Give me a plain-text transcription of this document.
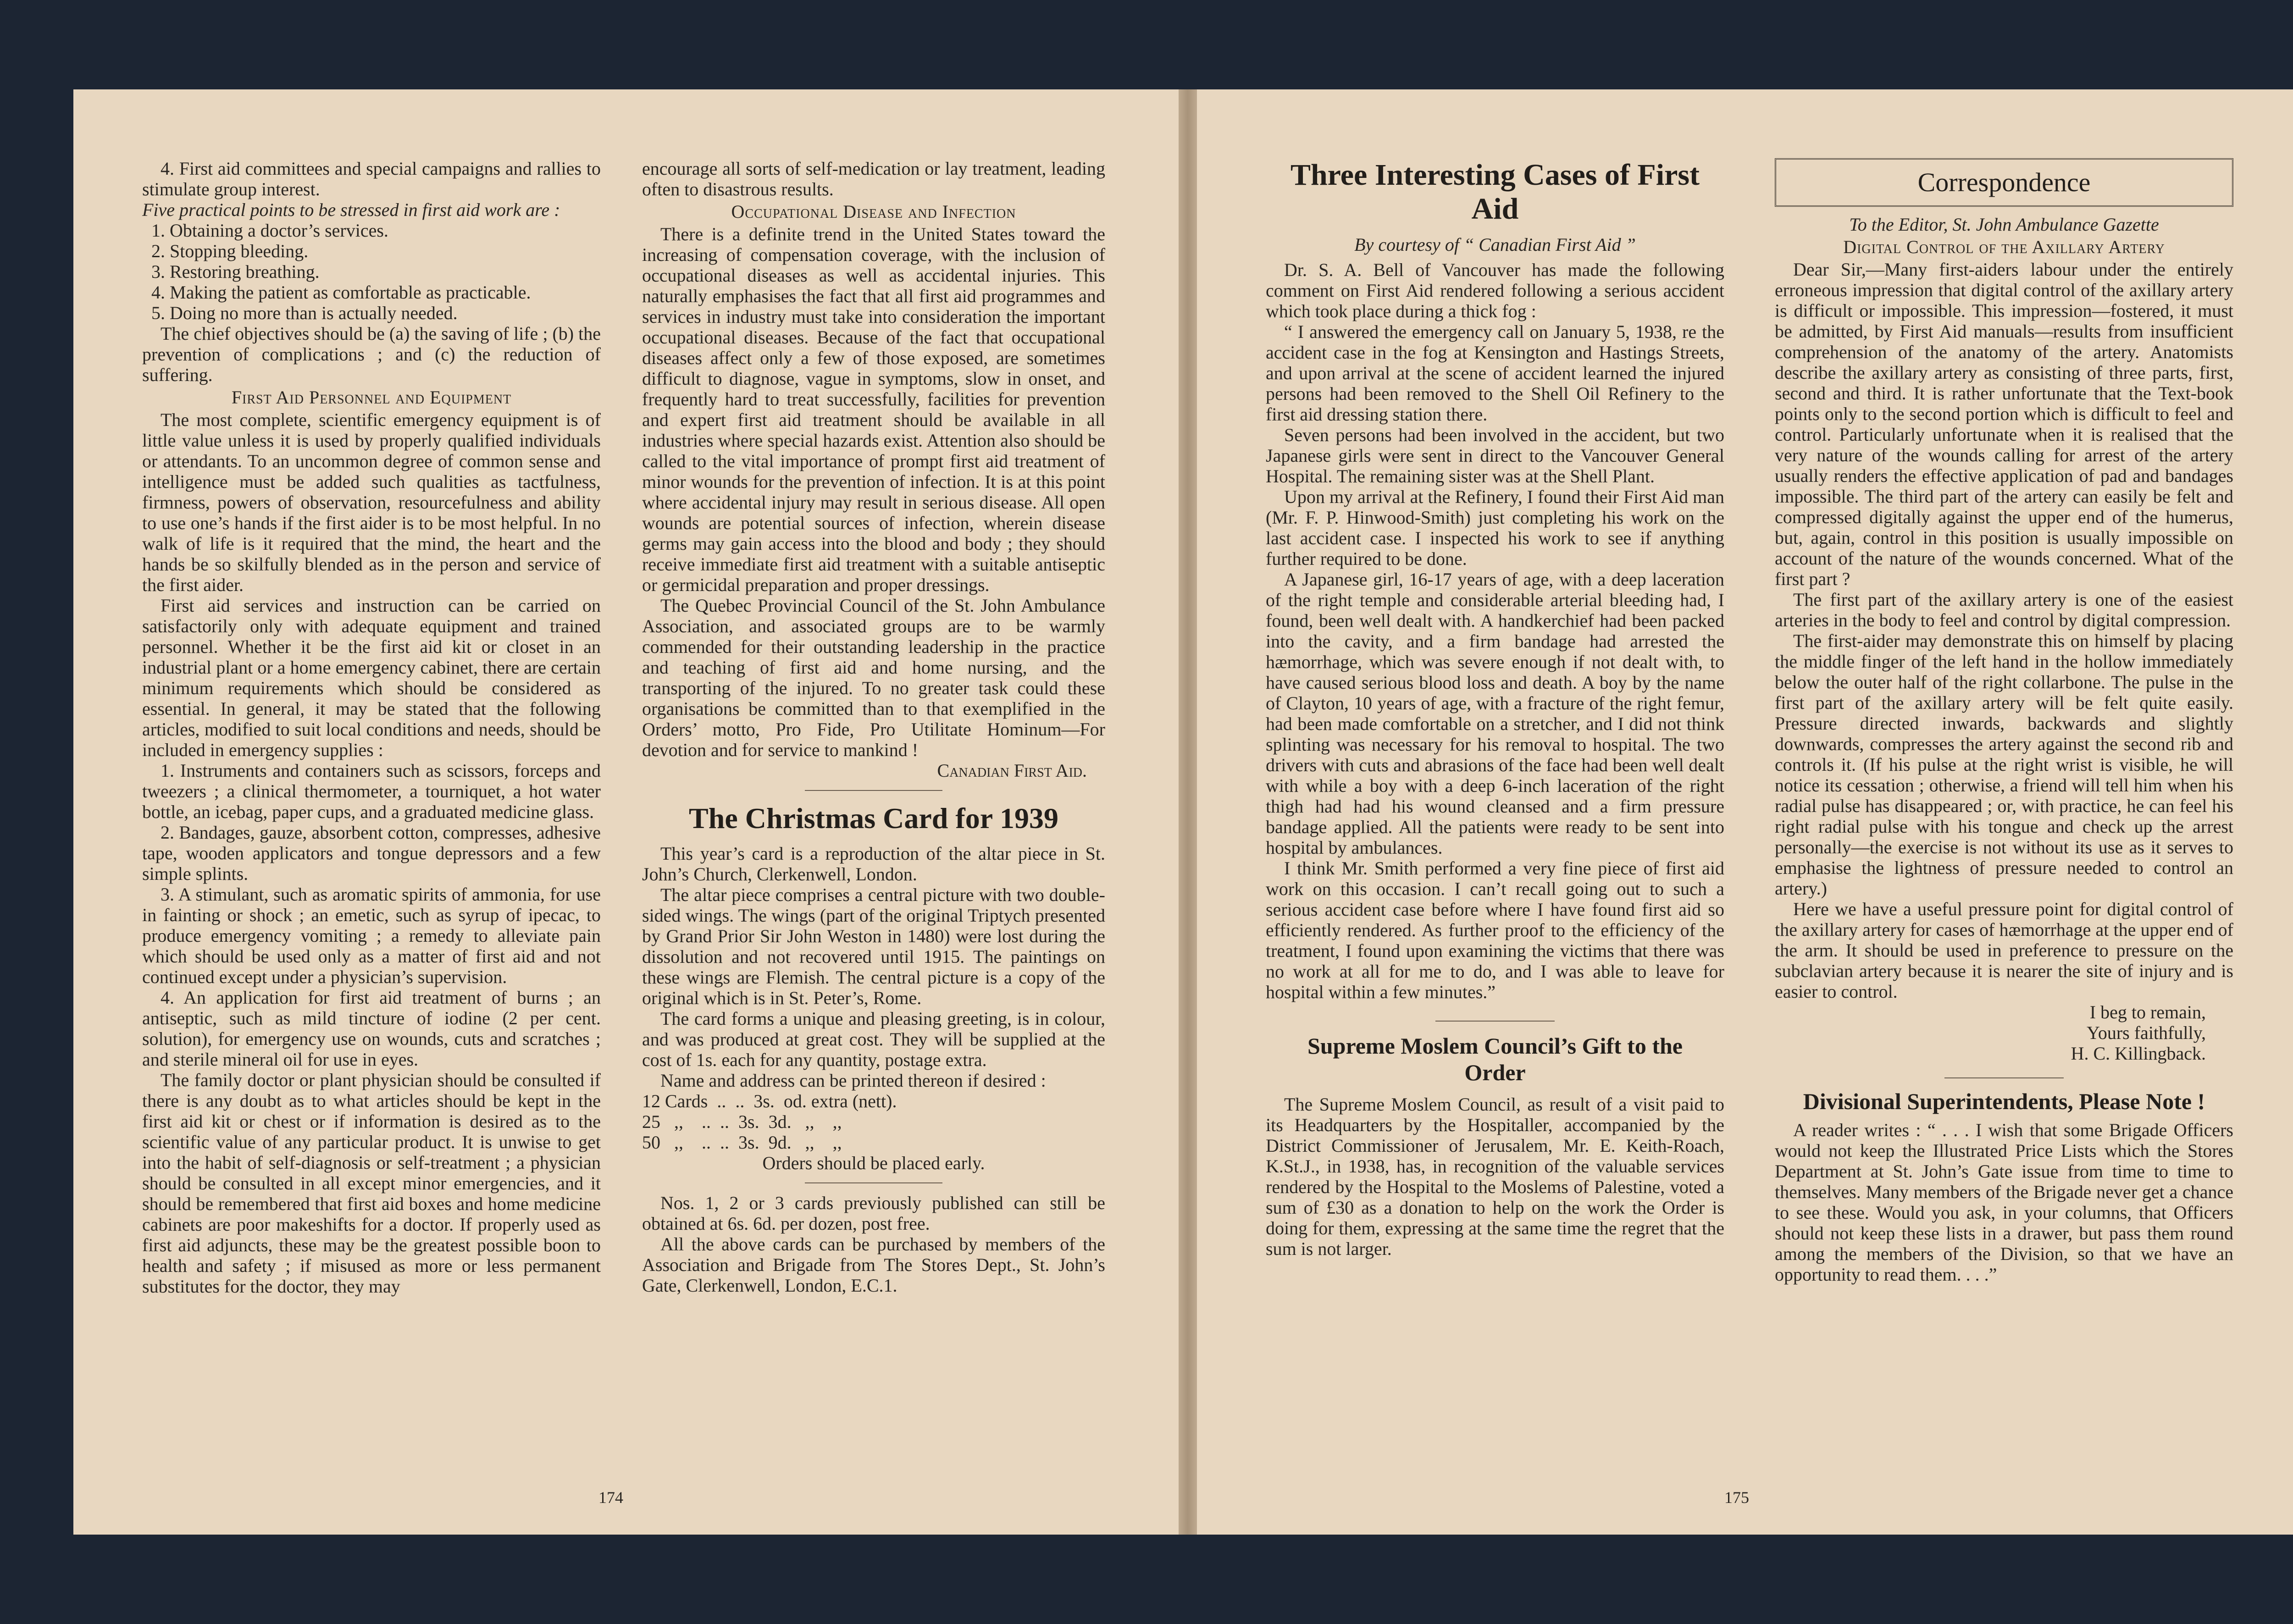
4. First aid committees and special campaigns and rallies to stimulate group interest.

Five practical points to be stressed in first aid work are :

1. Obtaining a doctor’s services.

2. Stopping bleeding.

3. Restoring breathing.

4. Making the patient as comfortable as practicable.

5. Doing no more than is actually needed.

The chief objectives should be (a) the saving of life ; (b) the prevention of complications ; and (c) the reduction of suffering.

First Aid Personnel and Equipment

The most complete, scientific emergency equipment is of little value unless it is used by properly qualified individuals or attendants. To an uncommon degree of common sense and intelligence must be added such qualities as tactfulness, firmness, powers of observation, resourcefulness and ability to use one’s hands if the first aider is to be most helpful. In no walk of life is it required that the mind, the heart and the hands be so skilfully blended as in the person and service of the first aider.

First aid services and instruction can be carried on satisfactorily only with adequate equipment and trained personnel. Whether it be the first aid kit or closet in an industrial plant or a home emergency cabinet, there are certain minimum requirements which should be considered as essential. In general, it may be stated that the following articles, modified to suit local conditions and needs, should be included in emergency supplies :

1. Instruments and containers such as scissors, forceps and tweezers ; a clinical thermometer, a tourniquet, a hot water bottle, an icebag, paper cups, and a graduated medicine glass.

2. Bandages, gauze, absorbent cotton, compresses, adhesive tape, wooden applicators and tongue depressors and a few simple splints.

3. A stimulant, such as aromatic spirits of ammonia, for use in fainting or shock ; an emetic, such as syrup of ipecac, to produce emergency vomiting ; a remedy to alleviate pain which should be used only as a matter of first aid and not continued except under a physician’s supervision.

4. An application for first aid treatment of burns ; an antiseptic, such as mild tincture of iodine (2 per cent. solution), for emergency use on wounds, cuts and scratches ; and sterile mineral oil for use in eyes.

The family doctor or plant physician should be consulted if there is any doubt as to what articles should be kept in the first aid kit or chest or if information is desired as to the scientific value of any particular product. It is unwise to get into the habit of self-diagnosis or self-treatment ; a physician should be consulted in all except minor emergencies, and it should be remembered that first aid boxes and home medicine cabinets are poor makeshifts for a doctor. If properly used as first aid adjuncts, these may be the greatest possible boon to health and safety ; if misused as more or less permanent substitutes for the doctor, they may

encourage all sorts of self-medication or lay treatment, leading often to disastrous results.

Occupational Disease and Infection

There is a definite trend in the United States toward the increasing of compensation coverage, with the inclusion of occupational diseases as well as accidental injuries. This naturally emphasises the fact that all first aid programmes and services in industry must take into consideration the important occupational diseases. Because of the fact that occupational diseases affect only a few of those exposed, are sometimes difficult to diagnose, vague in symptoms, slow in onset, and frequently hard to treat successfully, facilities for prevention and expert first aid treatment should be available in all industries where special hazards exist. Attention also should be called to the vital importance of prompt first aid treatment of minor wounds for the prevention of infection. It is at this point where accidental injury may result in serious disease. All open wounds are potential sources of infection, wherein disease germs may gain access into the blood and body ; they should receive immediate first aid treatment with a suitable antiseptic or germicidal preparation and proper dressings.

The Quebec Provincial Council of the St. John Ambulance Association, and associated groups are to be warmly commended for their outstanding leadership in the practice and teaching of first aid and home nursing, and the transporting of the injured. To no greater task could these organisations be committed than to that exemplified in the Orders’ motto, Pro Fide, Pro Utilitate Hominum—For devotion and for service to mankind !

Canadian First Aid.

The Christmas Card for 1939

This year’s card is a reproduction of the altar piece in St. John’s Church, Clerkenwell, London.

The altar piece comprises a central picture with two double-sided wings. The wings (part of the original Triptych presented by Grand Prior Sir John Weston in 1480) were lost during the dissolution and not recovered until 1915. The paintings on these wings are Flemish. The central picture is a copy of the original which is in St. Peter’s, Rome.

The card forms a unique and pleasing greeting, is in colour, and was produced at great cost. They will be supplied at the cost of 1s. each for any quantity, postage extra.

Name and address can be printed thereon if desired :

12 Cards  ..  ..  3s.  od. extra (nett).

25   ,,    ..  ..  3s.  3d.   ,,    ,,

50   ,,    ..  ..  3s.  9d.   ,,    ,,

Orders should be placed early.

Nos. 1, 2 or 3 cards previously published can still be obtained at 6s. 6d. per dozen, post free.

All the above cards can be purchased by members of the Association and Brigade from The Stores Dept., St. John’s Gate, Clerkenwell, London, E.C.1.

174
Three Interesting Cases of First Aid

By courtesy of “ Canadian First Aid ”

Dr. S. A. Bell of Vancouver has made the following comment on First Aid rendered following a serious accident which took place during a thick fog :

“ I answered the emergency call on January 5, 1938, re the accident case in the fog at Kensington and Hastings Streets, and upon arrival at the scene of accident learned the injured persons had been removed to the Shell Oil Refinery to the first aid dressing station there.

Seven persons had been involved in the accident, but two Japanese girls were sent in direct to the Vancouver General Hospital. The remaining sister was at the Shell Plant.

Upon my arrival at the Refinery, I found their First Aid man (Mr. F. P. Hinwood-Smith) just completing his work on the last accident case. I inspected his work to see if anything further required to be done.

A Japanese girl, 16-17 years of age, with a deep laceration of the right temple and considerable arterial bleeding had, I found, been well dealt with. A handkerchief had been packed into the cavity, and a firm bandage had arrested the hæmorrhage, which was severe enough if not dealt with, to have caused serious blood loss and death. A boy by the name of Clayton, 10 years of age, with a fracture of the right femur, had been made comfortable on a stretcher, and I did not think splinting was necessary for his removal to hospital. The two drivers with cuts and abrasions of the face had been well dealt with while a boy with a deep 6-inch laceration of the right thigh had had his wound cleansed and a firm pressure bandage applied. All the patients were ready to be sent into hospital by ambulances.

I think Mr. Smith performed a very fine piece of first aid work on this occasion. I can’t recall going out to such a serious accident case before where I have found first aid so efficiently rendered. As further proof to the efficiency of the treatment, I found upon examining the victims that there was no work at all for me to do, and I was able to leave for hospital within a few minutes.”

Supreme Moslem Council’s Gift to the Order

The Supreme Moslem Council, as result of a visit paid to its Headquarters by the Hospitaller, accompanied by the District Commissioner of Jerusalem, Mr. E. Keith-Roach, K.St.J., in 1938, has, in recognition of the valuable services rendered by the Hospital to the Moslems of Palestine, voted a sum of £30 as a donation to help on the work the Order is doing for them, expressing at the same time the regret that the sum is not larger.

Correspondence

To the Editor, St. John Ambulance Gazette

Digital Control of the Axillary Artery

Dear Sir,—Many first-aiders labour under the entirely erroneous impression that digital control of the axillary artery is difficult or impossible. This impression—fostered, it must be admitted, by First Aid manuals—results from insufficient comprehension of the anatomy of the artery. Anatomists describe the axillary artery as consisting of three parts, first, second and third. It is rather unfortunate that the Text-book points only to the second portion which is difficult to feel and control. Particularly unfortunate when it is realised that the very nature of the wounds calling for arrest of the artery usually renders the effective application of pad and bandages impossible. The third part of the artery can easily be felt and compressed digitally against the upper end of the humerus, but, again, control in this position is usually impossible on account of the nature of the wounds concerned. What of the first part ?

The first part of the axillary artery is one of the easiest arteries in the body to feel and control by digital compression.

The first-aider may demonstrate this on himself by placing the middle finger of the left hand in the hollow immediately below the outer half of the right collarbone. The pulse in the first part of the axillary artery will be felt quite easily. Pressure directed inwards, backwards and slightly downwards, compresses the artery against the second rib and controls it. (If his pulse at the right wrist is visible, he will notice its cessation ; otherwise, a friend will tell him when his radial pulse has disappeared ; or, with practice, he can feel his right radial pulse with his tongue and check up the arrest personally—the exercise is not without its use as it serves to emphasise the lightness of pressure needed to control an artery.)

Here we have a useful pressure point for digital control of the axillary artery for cases of hæmorrhage at the upper end of the arm. It should be used in preference to pressure on the subclavian artery because it is nearer the site of injury and is easier to control.

I beg to remain,

Yours faithfully,

H. C. Killingback.

Divisional Superintendents, Please Note !

A reader writes : “ . . . I wish that some Brigade Officers would not keep the Illustrated Price Lists which the Stores Department at St. John’s Gate issue from time to time to themselves. Many members of the Brigade never get a chance to see these. Would you ask, in your columns, that Officers should not keep these lists in a drawer, but pass them round among the members of the Division, so that we have an opportunity to read them. . . .”

175
